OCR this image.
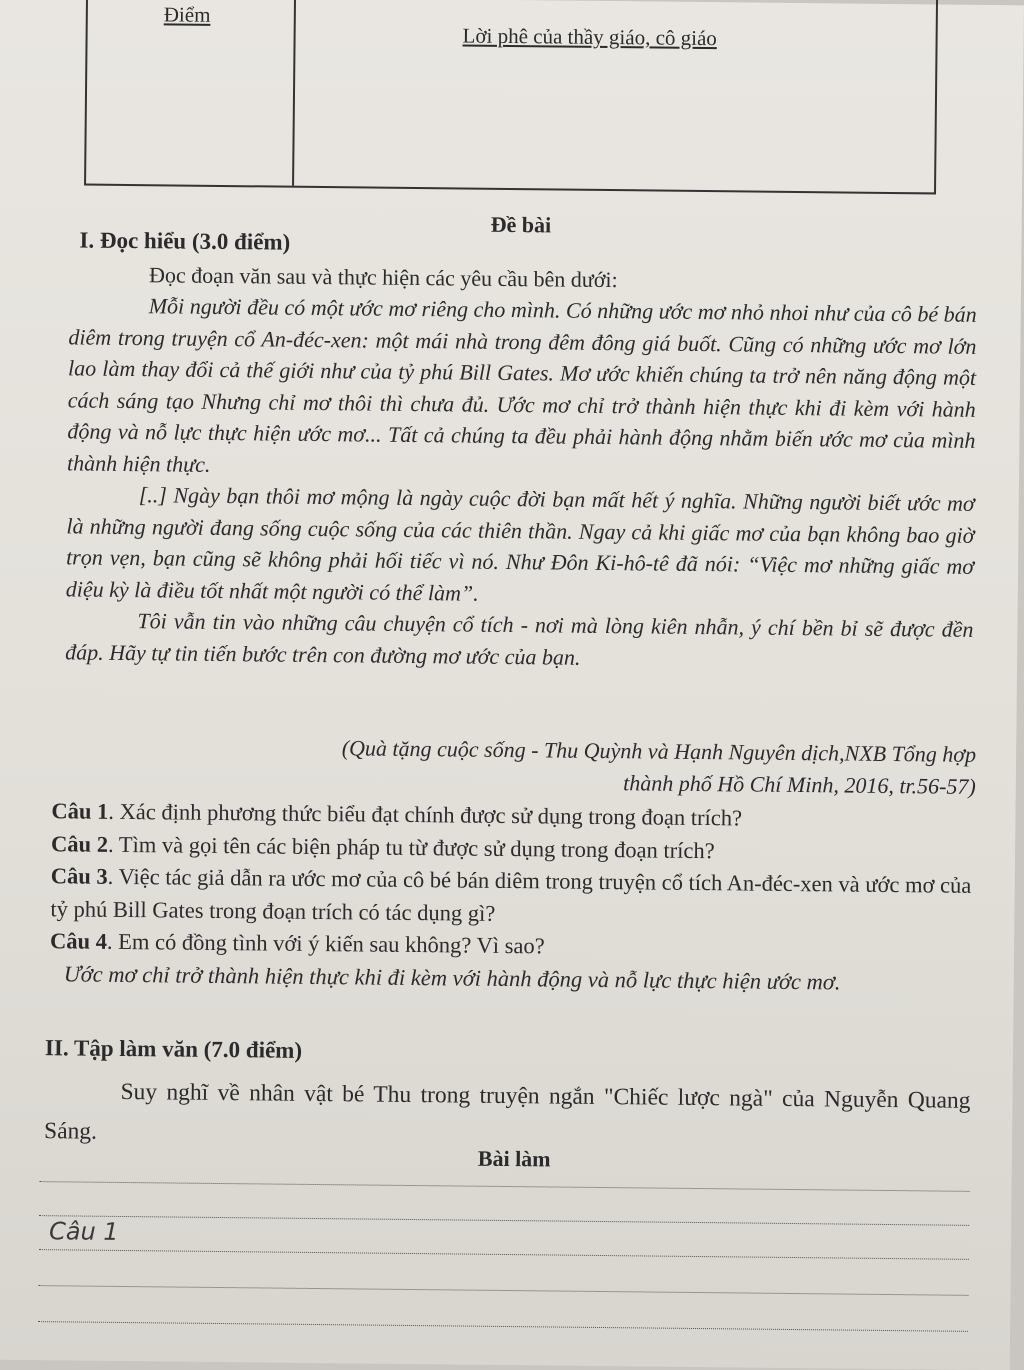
Điểm
Lời phê của thầy giáo, cô giáo
Đề bài
I. Đọc hiểu (3.0 điểm)
Đọc đoạn văn sau và thực hiện các yêu cầu bên dưới:

Mỗi người đều có một ước mơ riêng cho mình. Có những ước mơ nhỏ nhoi như của cô bé bán diêm trong truyện cổ An-đéc-xen: một mái nhà trong đêm đông giá buốt. Cũng có những ước mơ lớn lao làm thay đổi cả thế giới như của tỷ phú Bill Gates. Mơ ước khiến chúng ta trở nên năng động một cách sáng tạo Nhưng chỉ mơ thôi thì chưa đủ. Ước mơ chỉ trở thành hiện thực khi đi kèm với hành động và nỗ lực thực hiện ước mơ... Tất cả chúng ta đều phải hành động nhằm biến ước mơ của mình thành hiện thực.

[..] Ngày bạn thôi mơ mộng là ngày cuộc đời bạn mất hết ý nghĩa. Những người biết ước mơ là những người đang sống cuộc sống của các thiên thần. Ngay cả khi giấc mơ của bạn không bao giờ trọn vẹn, bạn cũng sẽ không phải hối tiếc vì nó. Như Đôn Ki-hô-tê đã nói: “Việc mơ những giấc mơ diệu kỳ là điều tốt nhất một người có thể làm”.

Tôi vẫn tin vào những câu chuyện cổ tích - nơi mà lòng kiên nhẫn, ý chí bền bỉ sẽ được đền đáp. Hãy tự tin tiến bước trên con đường mơ ước của bạn.

(Quà tặng cuộc sống - Thu Quỳnh và Hạnh Nguyên dịch,NXB Tổng hợp
thành phố Hồ Chí Minh, 2016, tr.56-57)

Câu 1. Xác định phương thức biểu đạt chính được sử dụng trong đoạn trích?

Câu 2. Tìm và gọi tên các biện pháp tu từ được sử dụng trong đoạn trích?

Câu 3. Việc tác giả dẫn ra ước mơ của cô bé bán diêm trong truyện cổ tích An-đéc-xen và ước mơ của tỷ phú Bill Gates trong đoạn trích có tác dụng gì?

Câu 4. Em có đồng tình với ý kiến sau không? Vì sao?

Ước mơ chỉ trở thành hiện thực khi đi kèm với hành động và nỗ lực thực hiện ước mơ.

II. Tập làm văn (7.0 điểm)
Suy nghĩ về nhân vật bé Thu trong truyện ngắn "Chiếc lược ngà" của Nguyễn Quang Sáng.
Bài làm
Câu 1
